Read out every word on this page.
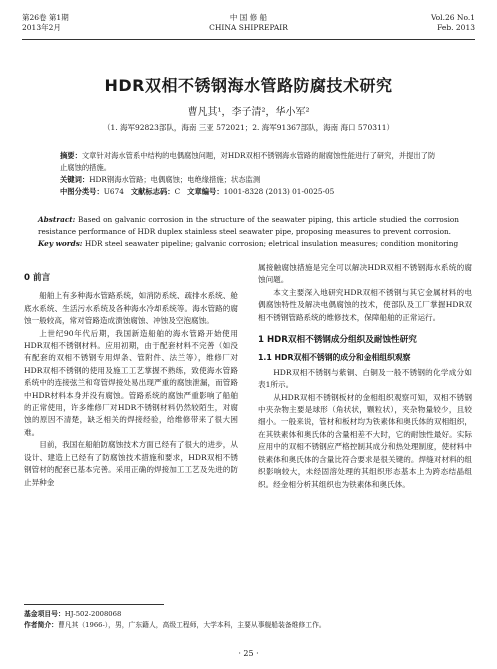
第26卷 第1期
2013年2月
中 国 修 船
CHINA SHIPREPAIR
Vol.26 No.1
Feb. 2013
HDR双相不锈钢海水管路防腐技术研究
曹凡其¹，李子清²，华小军²
（1. 海军92823部队，海南 三亚 572021；2. 海军91367部队，海南 海口 570311）
摘要：文章针对海水管系中结构的电偶腐蚀问题，对HDR双相不锈钢海水管路的耐腐蚀性能进行了研究，并提出了防止腐蚀的措施。
关键词：HDR钢海水管路；电偶腐蚀；电绝缘措施；状态监测
中图分类号：U674 文献标志码：C 文章编号：1001-8328 (2013) 01-0025-05
Abstract: Based on galvanic corrosion in the structure of the seawater piping, this article studied the corrosion resistance performance of HDR duplex stainless steel seawater pipe, proposing measures to prevent corrosion.
Key words: HDR steel seawater pipeline; galvanic corrosion; eletrical insulation measures; condition monitoring
0 前言

船舶上有多种海水管路系统，如消防系统、疏排水系统、舱底水系统、生活污水系统及各种海水冷却系统等。海水管路的腐蚀一般较高，常对管路造成溃蚀腐蚀、冲蚀及空泡腐蚀。

上世纪90年代后期，我国新造船舶的海水管路开始使用HDR双相不锈钢材料。应用初期，由于配套材料不完善（如没有配套的双相不锈钢专用焊条、管附件、法兰等），维修厂对HDR双相不锈钢的使用及施工工艺掌握不熟练，致使海水管路系统中的连接弦兰和弯管焊接处易出现严重的腐蚀泄漏，而管路中HDR材料本身并没有腐蚀。管路系统的腐蚀严重影响了船舶的正常使用，许多维修厂对HDR不锈钢材料仍然较陌生，对腐蚀的原因不清楚，缺乏相关的焊接经验，给维修带来了很大困难。

目前，我国在船舶防腐蚀技术方面已经有了很大的进步，从设计、建造上已经有了防腐蚀技术措施和要求，HDR双相不锈钢管材的配套已基本完善。采用正确的焊接加工工艺及先进的防止异种金

属接触腐蚀措施是完全可以解决HDR双相不锈钢海水系统的腐蚀问题。

本文主要深入地研究HDR双相不锈钢与其它金属材料的电偶腐蚀特性及解决电偶腐蚀的技术，使部队及工厂掌握HDR双相不锈钢管路系统的维修技术，保障船舶的正常运行。

1 HDR双相不锈钢成分组织及耐蚀性研究
1.1 HDR双相不锈钢的成分和金相组织观察

HDR双相不锈钢与紫铜、白铜及一般不锈钢的化学成分如表1所示。

从HDR双相不锈钢板材的金相组织观察可知，双相不锈钢中夹杂物主要是球形（角状状，颗粒状），夹杂物量较少，且较细小。一般来说，管材和板材均为铁素体和奥氏体的双相组织，在其铁素体和奥氏体的含量相差不大时，它的耐蚀性最好。实际应用中的双相不锈钢应严格控制其成分和热处理制度，使材料中铁素体和奥氏体的含量比符合要求是很关键的。焊缝对材料的组织影响较大，未经固溶处理的其组织形态基本上为跨态结晶组织。经金相分析其组织也为铁素体和奥氏体。

基金项目号：HJ-502-2008068
作者简介：曹凡其（1966-），男，广东籍人，高级工程师，大学本科，主要从事舰船装备维修工作。
· 25 ·
